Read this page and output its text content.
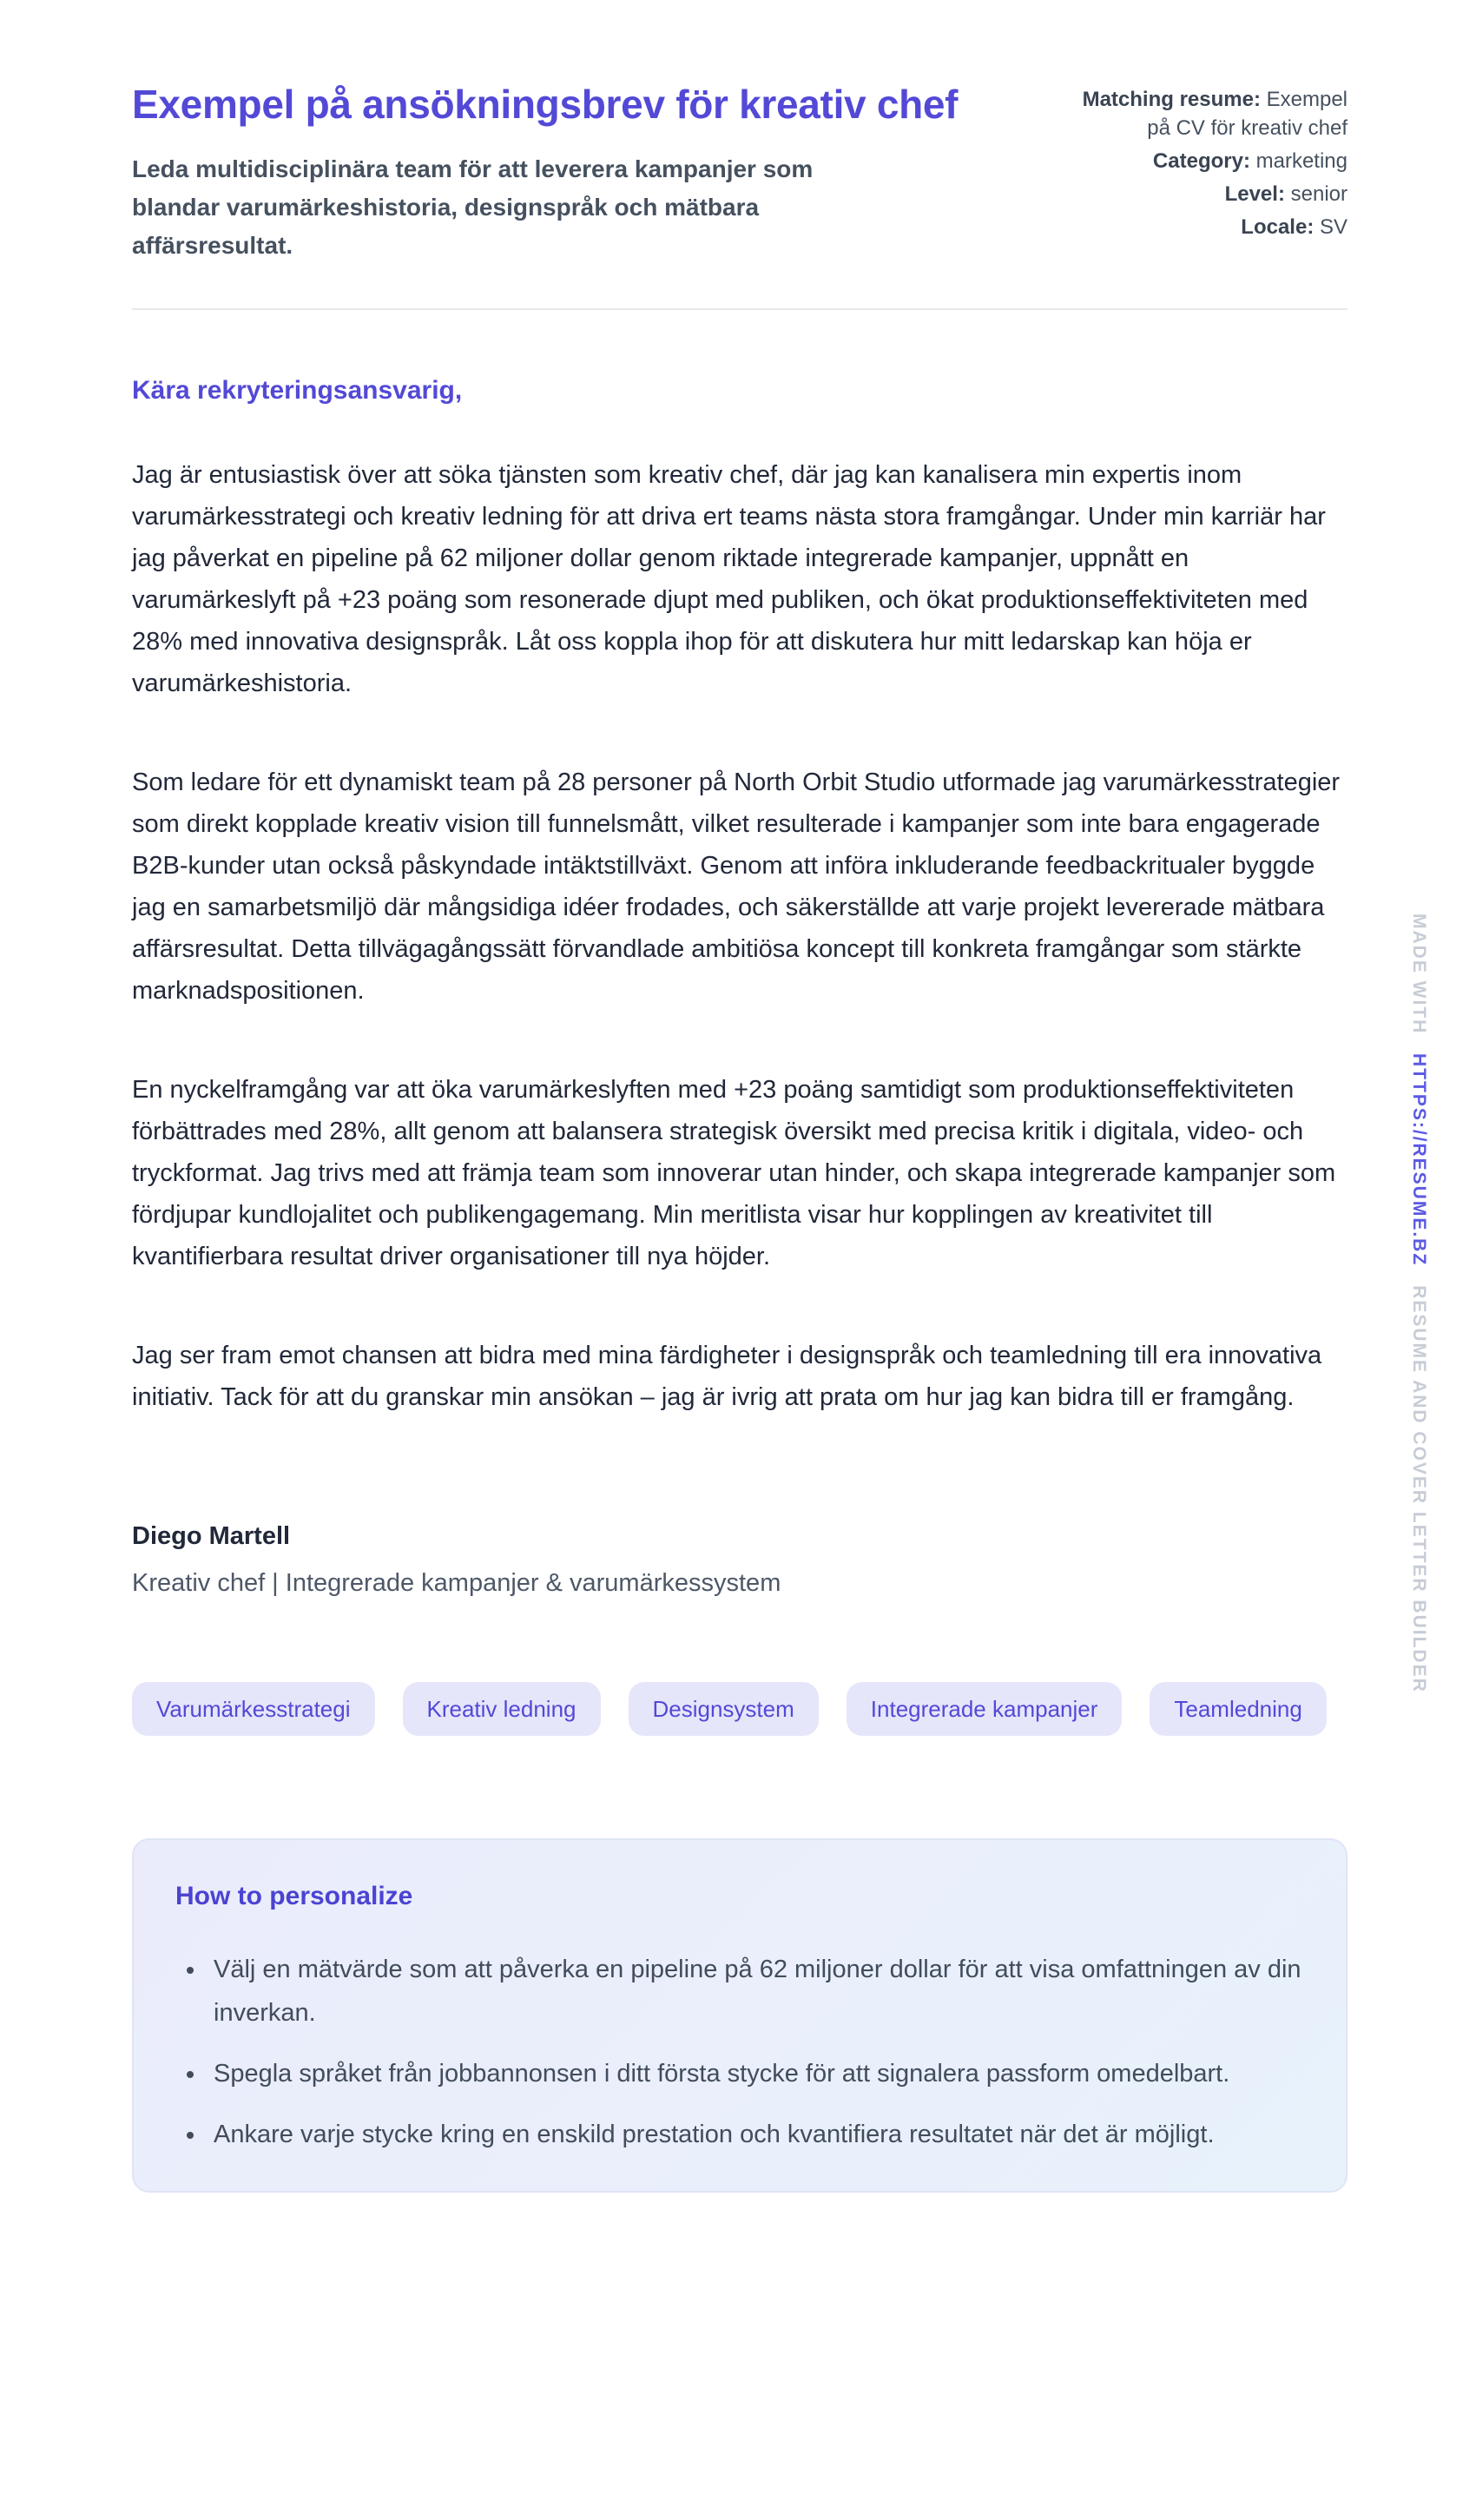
Exempel på ansökningsbrev för kreativ chef
Leda multidisciplinära team för att leverera kampanjer som blandar varumärkeshistoria, designspråk och mätbara affärsresultat.
Matching resume: Exempel på CV för kreativ chef
Category: marketing
Level: senior
Locale: SV
Kära rekryteringsansvarig,

Jag är entusiastisk över att söka tjänsten som kreativ chef, där jag kan kanalisera min expertis inom varumärkesstrategi och kreativ ledning för att driva ert teams nästa stora framgångar. Under min karriär har jag påverkat en pipeline på 62 miljoner dollar genom riktade integrerade kampanjer, uppnått en varumärkeslyft på +23 poäng som resonerade djupt med publiken, och ökat produktionseffektiviteten med 28% med innovativa designspråk. Låt oss koppla ihop för att diskutera hur mitt ledarskap kan höja er varumärkeshistoria.

Som ledare för ett dynamiskt team på 28 personer på North Orbit Studio utformade jag varumärkesstrategier som direkt kopplade kreativ vision till funnelsmått, vilket resulterade i kampanjer som inte bara engagerade B2B-kunder utan också påskyndade intäktstillväxt. Genom att införa inkluderande feedbackritualer byggde jag en samarbetsmiljö där mångsidiga idéer frodades, och säkerställde att varje projekt levererade mätbara affärsresultat. Detta tillvägagångssätt förvandlade ambitiösa koncept till konkreta framgångar som stärkte marknadspositionen.

En nyckelframgång var att öka varumärkeslyften med +23 poäng samtidigt som produktionseffektiviteten förbättrades med 28%, allt genom att balansera strategisk översikt med precisa kritik i digitala, video- och tryckformat. Jag trivs med att främja team som innoverar utan hinder, och skapa integrerade kampanjer som fördjupar kundlojalitet och publikengagemang. Min meritlista visar hur kopplingen av kreativitet till kvantifierbara resultat driver organisationer till nya höjder.

Jag ser fram emot chansen att bidra med mina färdigheter i designspråk och teamledning till era innovativa initiativ. Tack för att du granskar min ansökan – jag är ivrig att prata om hur jag kan bidra till er framgång.

Diego Martell
Kreativ chef | Integrerade kampanjer & varumärkessystem
Varumärkesstrategi	Kreativ ledning	Designsystem	Integrerade kampanjer	Teamledning
How to personalize
• Välj en mätvärde som att påverka en pipeline på 62 miljoner dollar för att visa omfattningen av din inverkan.
• Spegla språket från jobbannonsen i ditt första stycke för att signalera passform omedelbart.
• Ankare varje stycke kring en enskild prestation och kvantifiera resultatet när det är möjligt.
MADE WITH HTTPS://RESUME.BZ RESUME AND COVER LETTER BUILDER
